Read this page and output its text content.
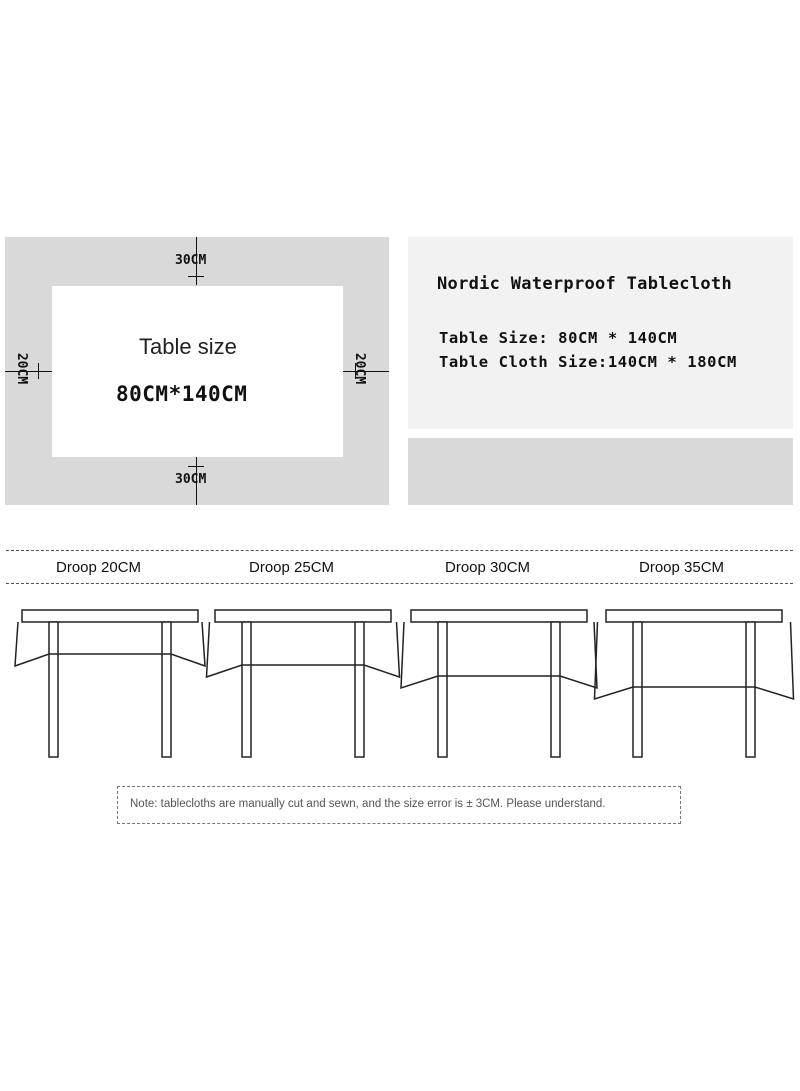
Table size
80CM*140CM
30CM
30CM
20CM	20CM
Nordic Waterproof Tablecloth
Table Size: 80CM * 140CM
Table Cloth Size:140CM * 180CM
Droop 20CM	Droop 25CM	Droop 30CM	Droop 35CM
Note: tablecloths are manually cut and sewn, and the size error is ± 3CM. Please understand.
